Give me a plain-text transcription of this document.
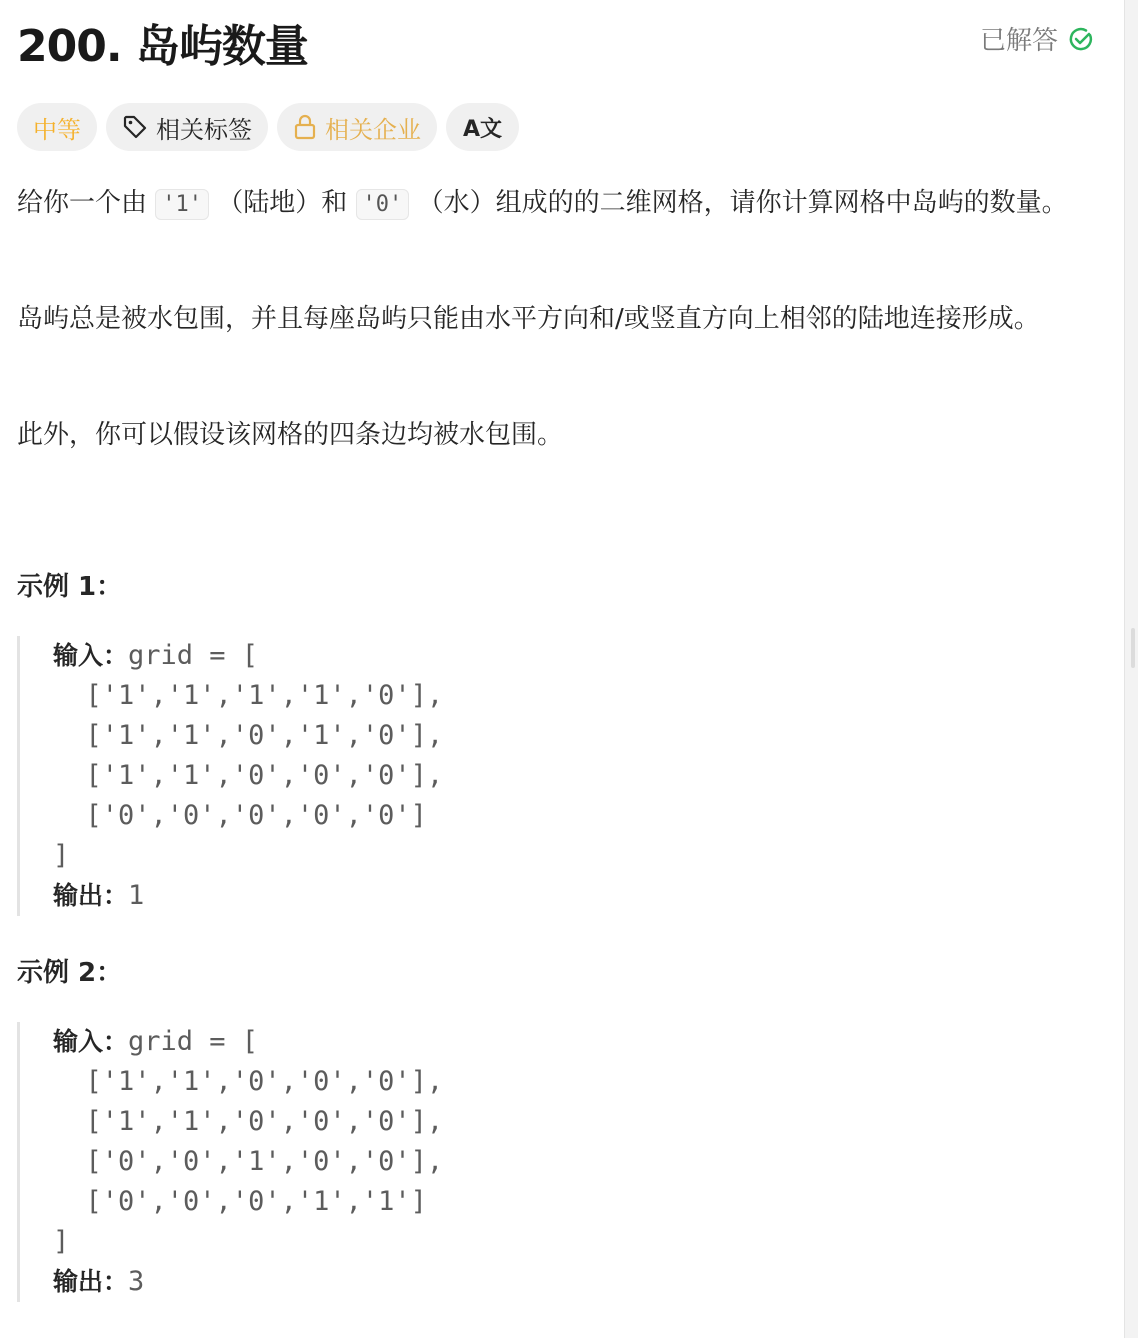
200. 岛屿数量	已解答
中等	相关标签	相关企业 A文
给你一个由 '1' （陆地）和 '0' （水）组成的的二维网格，请你计算网格中岛屿的数量。
岛屿总是被水包围，并且每座岛屿只能由水平方向和/或竖直方向上相邻的陆地连接形成。
此外，你可以假设该网格的四条边均被水包围。
示例 1：
输入：grid = [
['1','1','1','1','0'],
['1','1','0','1','0'],
['1','1','0','0','0'],
['0','0','0','0','0']
]
输出：1
示例 2：
输入：grid = [
['1','1','0','0','0'],
['1','1','0','0','0'],
['0','0','1','0','0'],
['0','0','0','1','1']
]
输出：3
